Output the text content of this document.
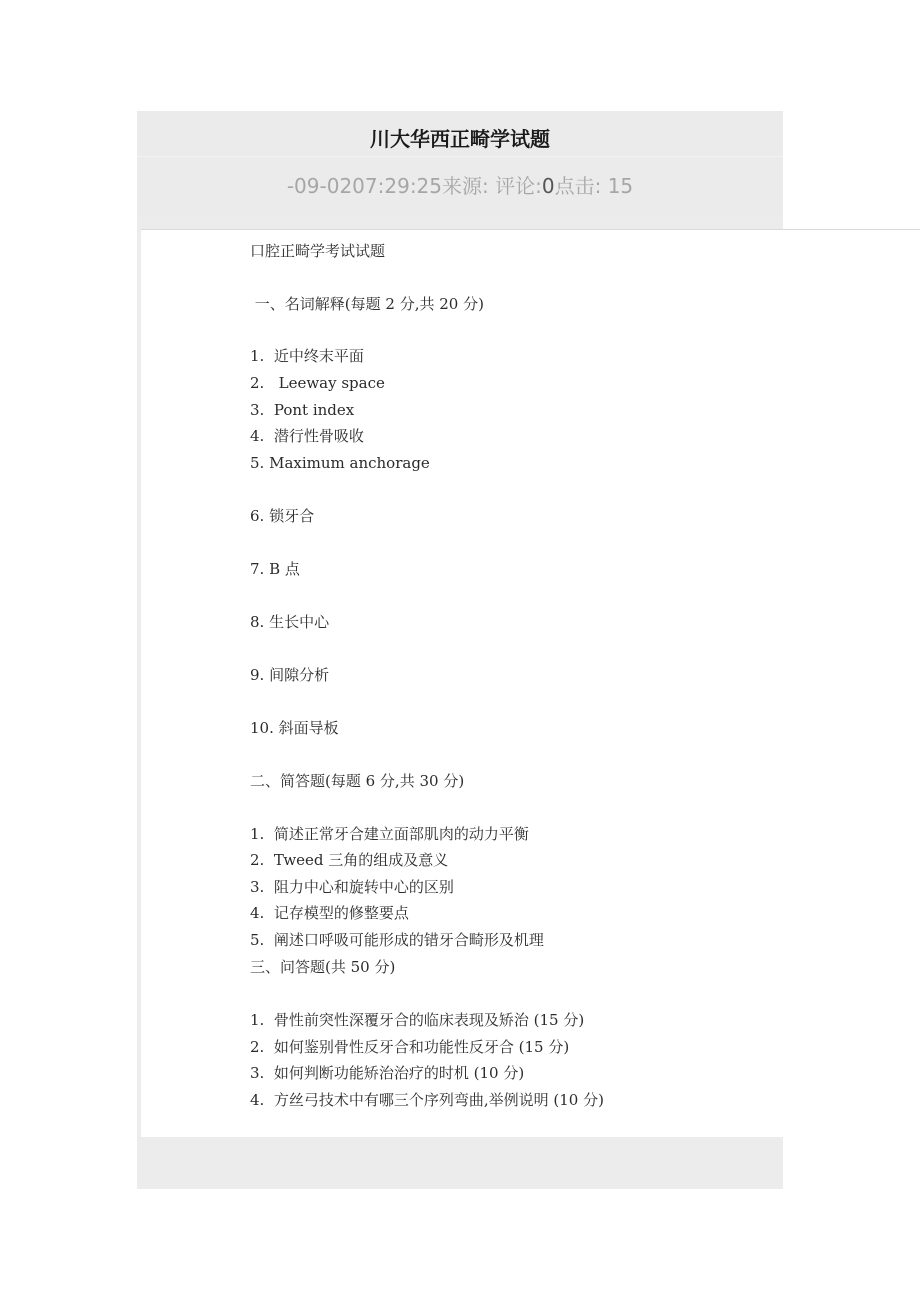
川大华西正畸学试题
-09-0207:29:25来源: 评论:0点击: 15
口腔正畸学考试试题
一、名词解释(每题 2 分,共 20 分)
1.  近中终末平面
2.   Leeway space
3.  Pont index
4.  潜行性骨吸收
5. Maximum anchorage
6. 锁牙合
7. B 点
8. 生长中心
9. 间隙分析
10. 斜面导板
二、简答题(每题 6 分,共 30 分)
1.  简述正常牙合建立面部肌肉的动力平衡
2.  Tweed 三角的组成及意义
3.  阻力中心和旋转中心的区别
4.  记存模型的修整要点
5.  阐述口呼吸可能形成的错牙合畸形及机理
三、问答题(共 50 分)
1.  骨性前突性深覆牙合的临床表现及矫治 (15 分)
2.  如何鉴别骨性反牙合和功能性反牙合 (15 分)
3.  如何判断功能矫治治疗的时机 (10 分)
4.  方丝弓技术中有哪三个序列弯曲,举例说明 (10 分)
